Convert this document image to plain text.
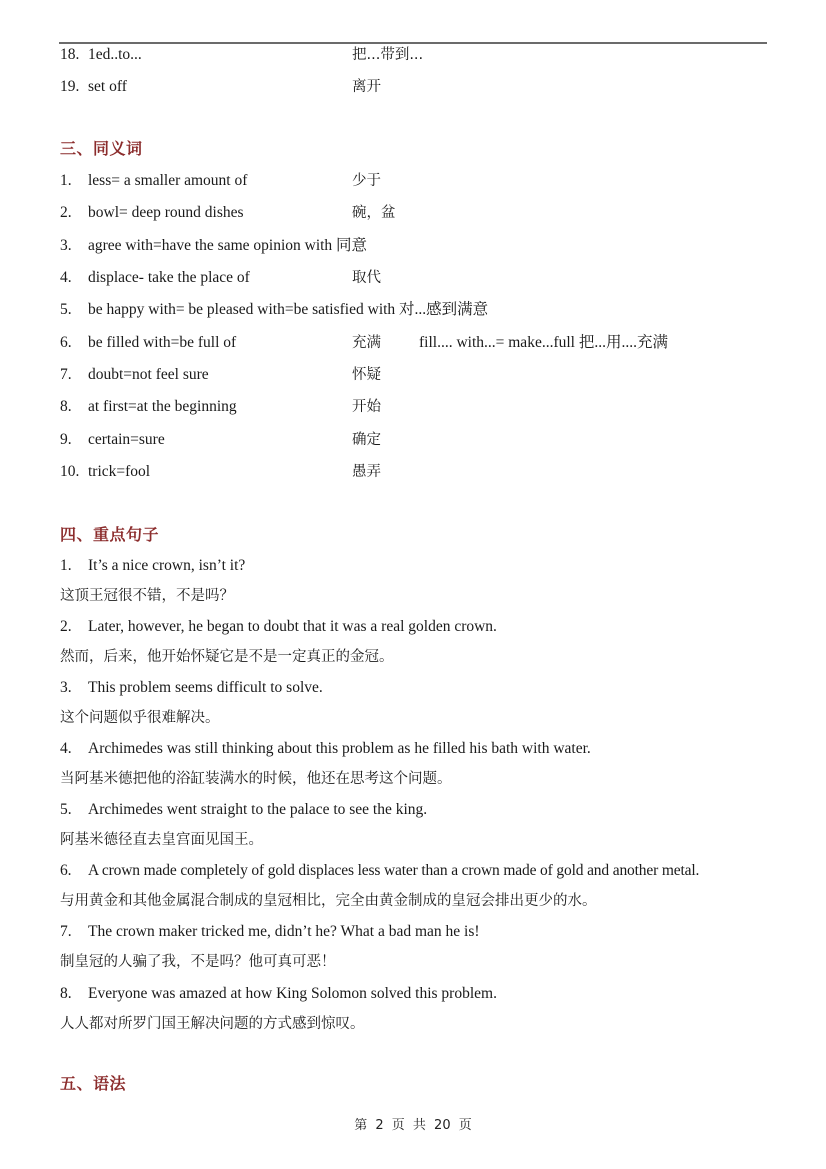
18. 1ed..to...	把...带到...
19. set off	离开
三、同义词
1. less= a smaller amount of	少于
2. bowl= deep round dishes	碗，盆
3. agree with=have the same opinion with 同意
4. displace- take the place of	取代
5. be happy with= be pleased with=be satisfied with 对...感到满意
6. be filled with=be full of	充满 fill.... with...= make...full 把...用....充满
7. doubt=not feel sure	怀疑
8. at first=at the beginning	开始
9. certain=sure	确定
10. trick=fool	愚弄
四、重点句子
1. It’s a nice crown, isn’t it?
这顶王冠很不错，不是吗？
2. Later, however, he began to doubt that it was a real golden crown.
然而，后来，他开始怀疑它是不是一定真正的金冠。
3. This problem seems difficult to solve.
这个问题似乎很难解决。
4. Archimedes was still thinking about this problem as he filled his bath with water.
当阿基米德把他的浴缸装满水的时候，他还在思考这个问题。
5. Archimedes went straight to the palace to see the king.
阿基米德径直去皇宫面见国王。
6. A crown made completely of gold displaces less water than a crown made of gold and another metal.
与用黄金和其他金属混合制成的皇冠相比，完全由黄金制成的皇冠会排出更少的水。
7. The crown maker tricked me, didn’t he? What a bad man he is!
制皇冠的人骗了我，不是吗？他可真可恶！
8. Everyone was amazed at how King Solomon solved this problem.
人人都对所罗门国王解决问题的方式感到惊叹。
五、语法
第 2 页 共 20 页
